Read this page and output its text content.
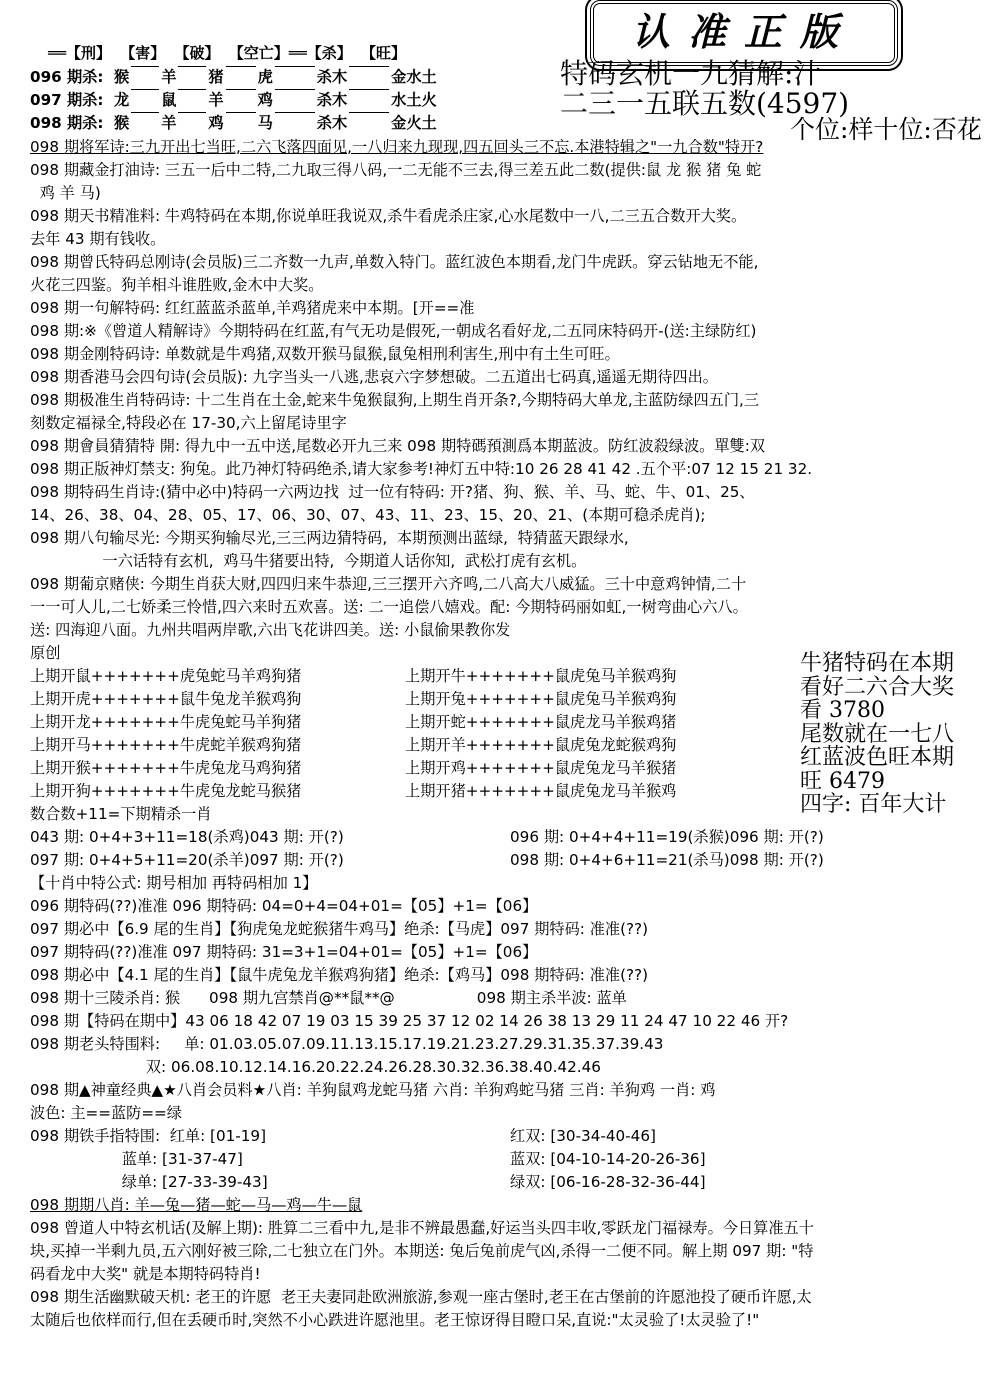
认准正版
══【刑】 【害】 【破】 【空亡】══【杀】 【旺】
096 期杀: 猴 羊 猪 虎	杀木	金水土
097 期杀: 龙 鼠 羊 鸡	杀木	水土火
098 期杀: 猴 羊 鸡 马	杀木	金火土
特码玄机一九猜解:汁
二三一五联五数(4597)
个位:样十位:否花
098 期将军诗:三九开出七当旺,二六飞落四面见,一八归来九现现,四五回头三不忘.本港特辑之"一九合数"特开?
098 期藏金打油诗: 三五一后中二特,二九取三得八码,一二无能不三去,得三差五此二数(提供:鼠 龙 猴 猪 兔 蛇
鸡 羊 马)
098 期天书精准料: 牛鸡特码在本期,你说单旺我说双,杀牛看虎杀庄家,心水尾数中一八,二三五合数开大奖。
去年 43 期有钱收。
098 期曾氏特码总刚诗(会员版)三二齐数一九声,单数入特门。蓝红波色本期看,龙门牛虎跃。穿云钻地无不能,
火花三四鉴。狗羊相斗谁胜败,金木中大奖。
098 期一句解特码: 红红蓝蓝杀蓝单,羊鸡猪虎来中本期。[开==准
098 期:※《曾道人精解诗》今期特码在红蓝,有气无功是假死,一朝成名看好龙,二五同床特码开-(送:主绿防红)
098 期金刚特码诗: 单数就是牛鸡猪,双数开猴马鼠猴,鼠兔相刑利害生,刑中有土生可旺。
098 期香港马会四句诗(会员版): 九字当头一八逃,悲哀六字梦想破。二五道出七码真,遥遥无期待四出。
098 期极准生肖特码诗: 十二生肖在土金,蛇来牛兔猴鼠狗,上期生肖开条?,今期特码大单龙,主蓝防绿四五门,三
刻数定福禄全,特段必在 17-30,六上留尾诗里字
098 期會員猜猜特 開: 得九中一五中送,尾数必开九三来 098 期特碼預測爲本期蓝波。防红波殺绿波。單雙:双
098 期正版神灯禁支: 狗兔。此乃神灯特码绝杀,请大家参考!神灯五中特:10 26 28 41 42 .五个平:07 12 15 21 32.
098 期特码生肖诗:(猜中必中)特码一六两边找  过一位有特码: 开?猪、狗、猴、羊、马、蛇、牛、01、25、
14、26、38、04、28、05、17、06、30、07、43、11、23、15、20、21、(本期可稳杀虎肖);
098 期八句输尽光: 今期买狗输尽光,三三两边猜特码,  本期预测出蓝绿,  特猜蓝天跟绿水,
一六话特有玄机,  鸡马牛猪要出特,  今期道人话你知,  武松打虎有玄机。
098 期葡京赌侠: 今期生肖获大财,四四归来牛恭迎,三三摆开六齐鸣,二八高大八威猛。三十中意鸡钟情,二十
一一可人儿,二七娇柔三怜惜,四六来时五欢喜。送: 二一追偿八嬉戏。配: 今期特码丽如虹,一树弯曲心六八。
送: 四海迎八面。九州共唱两岸歌,六出飞花讲四美。送: 小鼠偷果教你发
原创
上期开鼠+++++++虎兔蛇马羊鸡狗猪	上期开牛+++++++鼠虎兔马羊猴鸡狗
上期开虎+++++++鼠牛兔龙羊猴鸡狗	上期开兔+++++++鼠虎兔马羊猴鸡狗
上期开龙+++++++牛虎兔蛇马羊狗猪	上期开蛇+++++++鼠虎龙马羊猴鸡猪
上期开马+++++++牛虎蛇羊猴鸡狗猪	上期开羊+++++++鼠虎兔龙蛇猴鸡狗
上期开猴+++++++牛虎兔龙马鸡狗猪	上期开鸡+++++++鼠虎兔龙马羊猴猪
上期开狗+++++++牛虎兔龙蛇马猴猪	上期开猪+++++++鼠虎兔龙马羊猴鸡
数合数+11=下期精杀一肖
043 期: 0+4+3+11=18(杀鸡)043 期: 开(?)	096 期: 0+4+4+11=19(杀猴)096 期: 开(?)
097 期: 0+4+5+11=20(杀羊)097 期: 开(?)	098 期: 0+4+6+11=21(杀马)098 期: 开(?)
【十肖中特公式: 期号相加 再特码相加 1】
096 期特码(??)准准 096 期特码: 04=0+4=04+01=【05】+1=【06】
097 期必中【6.9 尾的生肖】【狗虎兔龙蛇猴猪牛鸡马】绝杀:【马虎】097 期特码: 准准(??)
097 期特码(??)准准 097 期特码: 31=3+1=04+01=【05】+1=【06】
098 期必中【4.1 尾的生肖】【鼠牛虎兔龙羊猴鸡狗猪】绝杀:【鸡马】098 期特码: 准准(??)
098 期十三陵杀肖: 猴      098 期九宫禁肖@**鼠**@                 098 期主杀半波: 蓝单
098 期【特码在期中】43 06 18 42 07 19 03 15 39 25 37 12 02 14 26 38 13 29 11 24 47 10 22 46 开?
098 期老头特围料:     单: 01.03.05.07.09.11.13.15.17.19.21.23.27.29.31.35.37.39.43
双: 06.08.10.12.14.16.20.22.24.26.28.30.32.36.38.40.42.46
098 期▲神童经典▲★八肖会员料★八肖: 羊狗鼠鸡龙蛇马猪 六肖: 羊狗鸡蛇马猪 三肖: 羊狗鸡 一肖: 鸡
波色: 主==蓝防==绿
098 期铁手指特围:  红单: [01-19]	红双: [30-34-40-46]
蓝单: [31-37-47]	蓝双: [04-10-14-20-26-36]
绿单: [27-33-39-43]	绿双: [06-16-28-32-36-44]
098 期期八肖: 羊—兔—猪—蛇—马—鸡—牛—鼠
098 曾道人中特玄机话(及解上期): 胜算二三看中九,是非不辨最愚蠢,好运当头四丰收,零跃龙门福禄寿。今日算准五十
块,买掉一半剩九员,五六刚好被三除,二七独立在门外。本期送: 兔后兔前虎气凶,杀得一二便不同。解上期 097 期: "特
码看龙中大奖" 就是本期特码特肖!
098 期生活幽默破天机: 老王的许愿  老王夫妻同赴欧洲旅游,参观一座古堡时,老王在古堡前的许愿池投了硬币许愿,太
太随后也依样而行,但在丢硬币时,突然不小心跌进许愿池里。老王惊讶得目瞪口呆,直说:"太灵验了!太灵验了!"
牛猪特码在本期
看好二六合大奖
看 3780
尾数就在一七八
红蓝波色旺本期
旺 6479
四字: 百年大计
